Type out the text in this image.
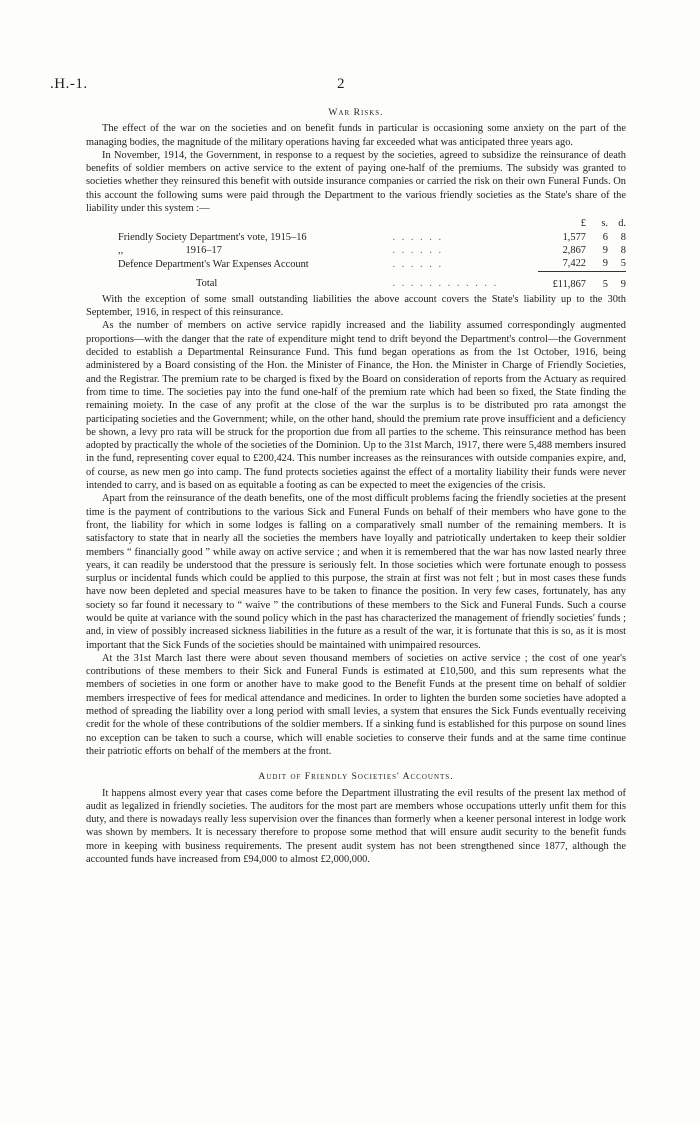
.H.-1.	2
War Risks.

The effect of the war on the societies and on benefit funds in particular is occasioning some anxiety on the part of the managing bodies, the magnitude of the military operations having far exceeded what was anticipated three years ago.

In November, 1914, the Government, in response to a request by the societies, agreed to subsidize the reinsurance of death benefits of soldier members on active service to the extent of paying one-half of the premiums. The subsidy was granted to societies whether they reinsured this benefit with outside insurance companies or carried the risk on their own Funeral Funds. On this account the following sums were paid through the Department to the various friendly societies as the State's share of the liability under this system :—

		£	s.	d.
Friendly Society Department's vote, 1915–16	. . . . . .	1,577	6	8
,,                        1916–17	. . . . . .	2,867	9	8
Defence Department's War Expenses Account	. . . . . .	7,422	9	5
Total	. . . . . . . . . . . .	£11,867	5	9

With the exception of some small outstanding liabilities the above account covers the State's liability up to the 30th September, 1916, in respect of this reinsurance.

As the number of members on active service rapidly increased and the liability assumed correspondingly augmented proportions—with the danger that the rate of expenditure might tend to drift beyond the Department's control—the Government decided to establish a Departmental Reinsurance Fund. This fund began operations as from the 1st October, 1916, being administered by a Board consisting of the Hon. the Minister of Finance, the Hon. the Minister in Charge of Friendly Societies, and the Registrar. The premium rate to be charged is fixed by the Board on consideration of reports from the Actuary as required from time to time. The societies pay into the fund one-half of the premium rate which had been so fixed, the State finding the remaining moiety. In the case of any profit at the close of the war the surplus is to be distributed pro rata amongst the participating societies and the Government; while, on the other hand, should the premium rate prove insufficient and a deficiency be shown, a levy pro rata will be struck for the proportion due from all parties to the scheme. This reinsurance method has been adopted by practically the whole of the societies of the Dominion. Up to the 31st March, 1917, there were 5,488 members insured in the fund, representing cover equal to £200,424. This number increases as the reinsurances with outside companies expire, and, of course, as new men go into camp. The fund protects societies against the effect of a mortality liability their funds were never intended to carry, and is based on as equitable a footing as can be expected to meet the exigencies of the crisis.

Apart from the reinsurance of the death benefits, one of the most difficult problems facing the friendly societies at the present time is the payment of contributions to the various Sick and Funeral Funds on behalf of their members who have gone to the front, the liability for which in some lodges is falling on a comparatively small number of the remaining members. It is satisfactory to state that in nearly all the societies the members have loyally and patriotically undertaken to keep their soldier members “ financially good ” while away on active service ; and when it is remembered that the war has now lasted nearly three years, it can readily be understood that the pressure is seriously felt. In those societies which were fortunate enough to possess surplus or incidental funds which could be applied to this purpose, the strain at first was not felt ; but in most cases these funds have now been depleted and special measures have to be taken to finance the position. In very few cases, fortunately, has any society so far found it necessary to “ waive ” the contributions of these members to the Sick and Funeral Funds. Such a course would be quite at variance with the sound policy which in the past has characterized the management of friendly societies' funds ; and, in view of possibly increased sickness liabilities in the future as a result of the war, it is fortunate that this is so, as it is most important that the Sick Funds of the societies should be maintained with unimpaired resources.

At the 31st March last there were about seven thousand members of societies on active service ; the cost of one year's contributions of these members to their Sick and Funeral Funds is estimated at £10,500, and this sum represents what the members of societies in one form or another have to make good to the Benefit Funds at the present time on behalf of soldier members irrespective of fees for medical attendance and medicines. In order to lighten the burden some societies have adopted a method of spreading the liability over a long period with small levies, a system that ensures the Sick Funds eventually receiving credit for the whole of these contributions of the soldier members. If a sinking fund is established for this purpose on sound lines no exception can be taken to such a course, which will enable societies to conserve their funds and at the same time continue their patriotic efforts on behalf of the members at the front.

Audit of Friendly Societies' Accounts.

It happens almost every year that cases come before the Department illustrating the evil results of the present lax method of audit as legalized in friendly societies. The auditors for the most part are members whose occupations utterly unfit them for this duty, and there is nowadays really less supervision over the finances than formerly when a keener personal interest in lodge work was shown by members. It is necessary therefore to propose some method that will ensure audit security to the benefit funds more in keeping with business requirements. The present audit system has not been strengthened since 1877, although the accounted funds have increased from £94,000 to almost £2,000,000.
